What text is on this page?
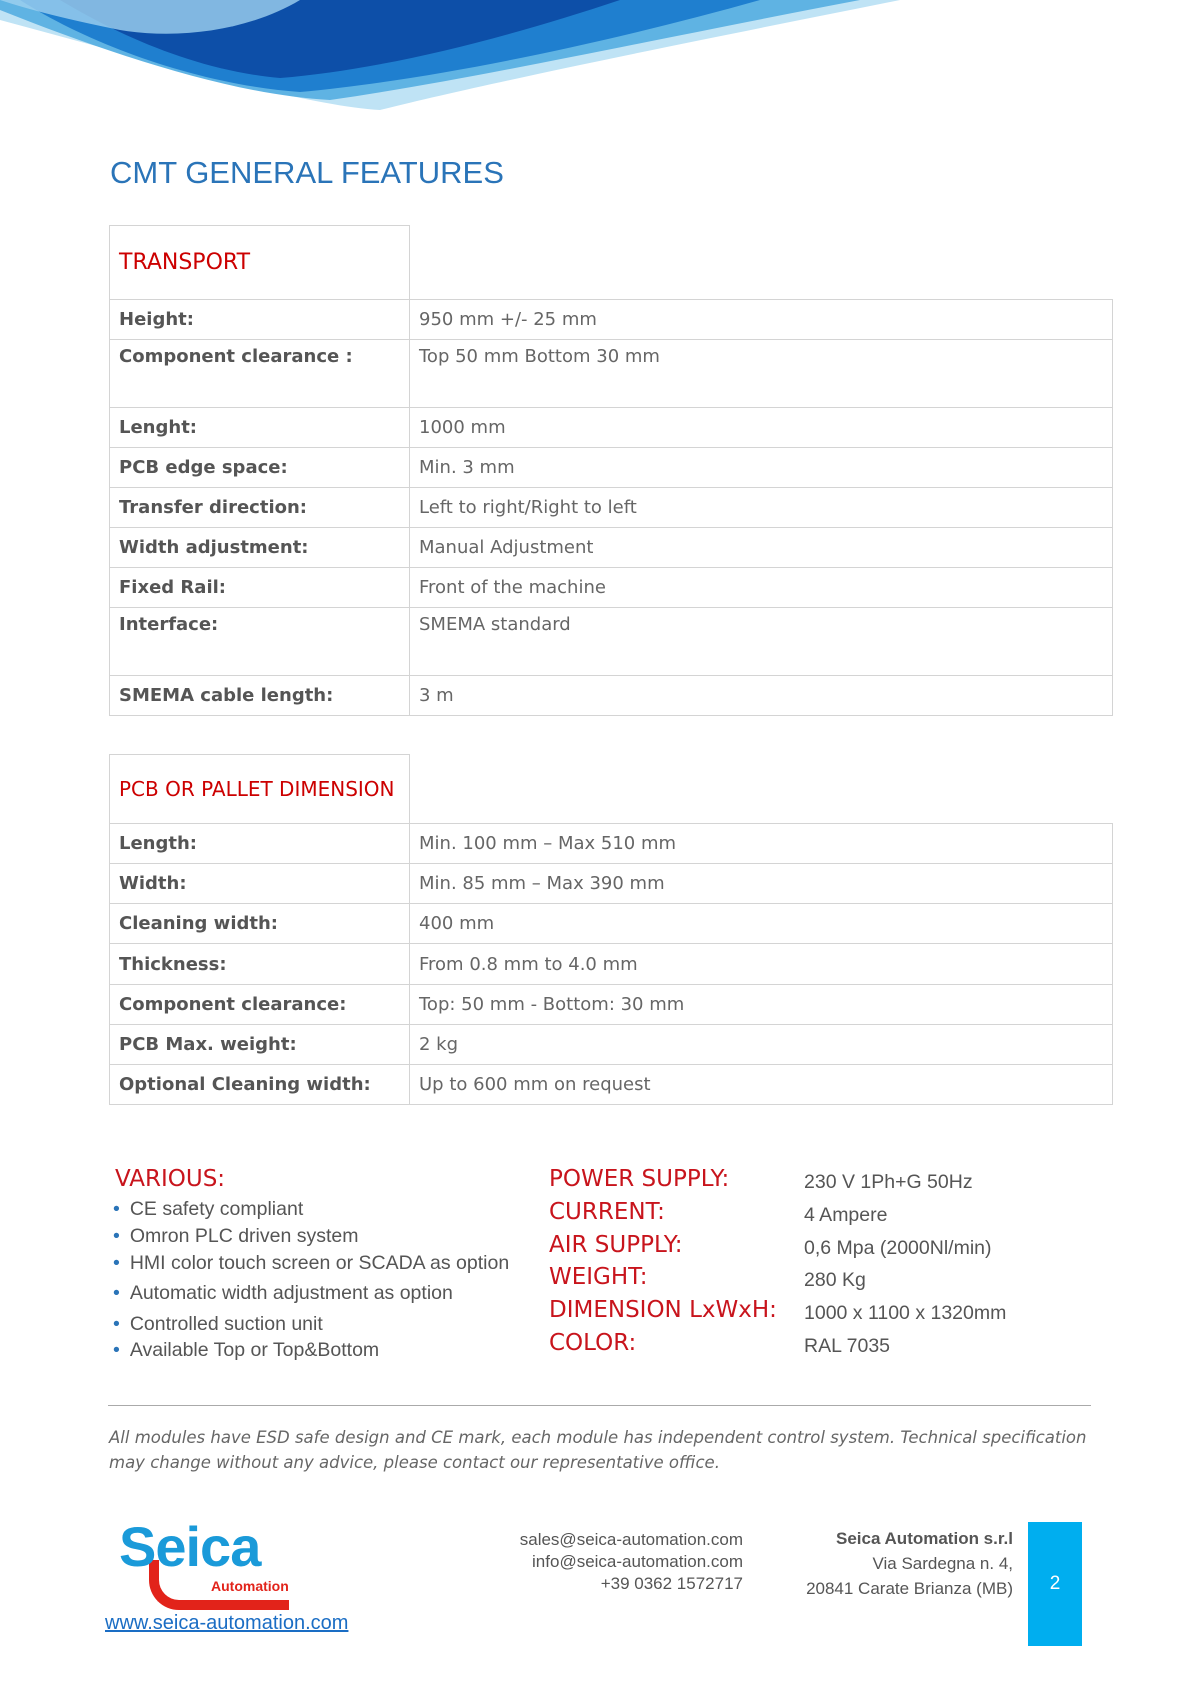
CMT GENERAL FEATURES
TRANSPORT	
Height:	950 mm +/- 25 mm
Component clearance :	Top 50 mm Bottom 30 mm
Lenght:	1000 mm
PCB edge space:	Min. 3 mm
Transfer direction:	Left to right/Right to left
Width adjustment:	Manual Adjustment
Fixed Rail:	Front of the machine
Interface:	SMEMA standard
SMEMA cable length:	3 m
PCB OR PALLET DIMENSION	
Length:	Min. 100 mm – Max 510 mm
Width:	Min. 85 mm – Max 390 mm
Cleaning width:	400 mm
Thickness:	From 0.8 mm to 4.0 mm
Component clearance:	Top: 50 mm - Bottom: 30 mm
PCB Max. weight:	2 kg
Optional Cleaning width:	Up to 600 mm on request
VARIOUS:
• CE safety compliant
• Omron PLC driven system
• HMI color touch screen or SCADA as option
• Automatic width adjustment as option
• Controlled suction unit
• Available Top or Top&Bottom
POWER SUPPLY:	230 V 1Ph+G 50Hz
CURRENT:	4 Ampere
AIR SUPPLY:	0,6 Mpa (2000Nl/min)
WEIGHT:	280 Kg
DIMENSION LxWxH: 1000 x 1100 x 1320mm
COLOR:	RAL 7035
All modules have ESD safe design and CE mark, each module has independent control system. Technical specification may change without any advice, please contact our representative office.
Seica
Automation
www.seica-automation.com
sales@seica-automation.com
info@seica-automation.com
+39 0362 1572717
Seica Automation s.r.l
Via Sardegna n. 4,
20841 Carate Brianza (MB)	2
